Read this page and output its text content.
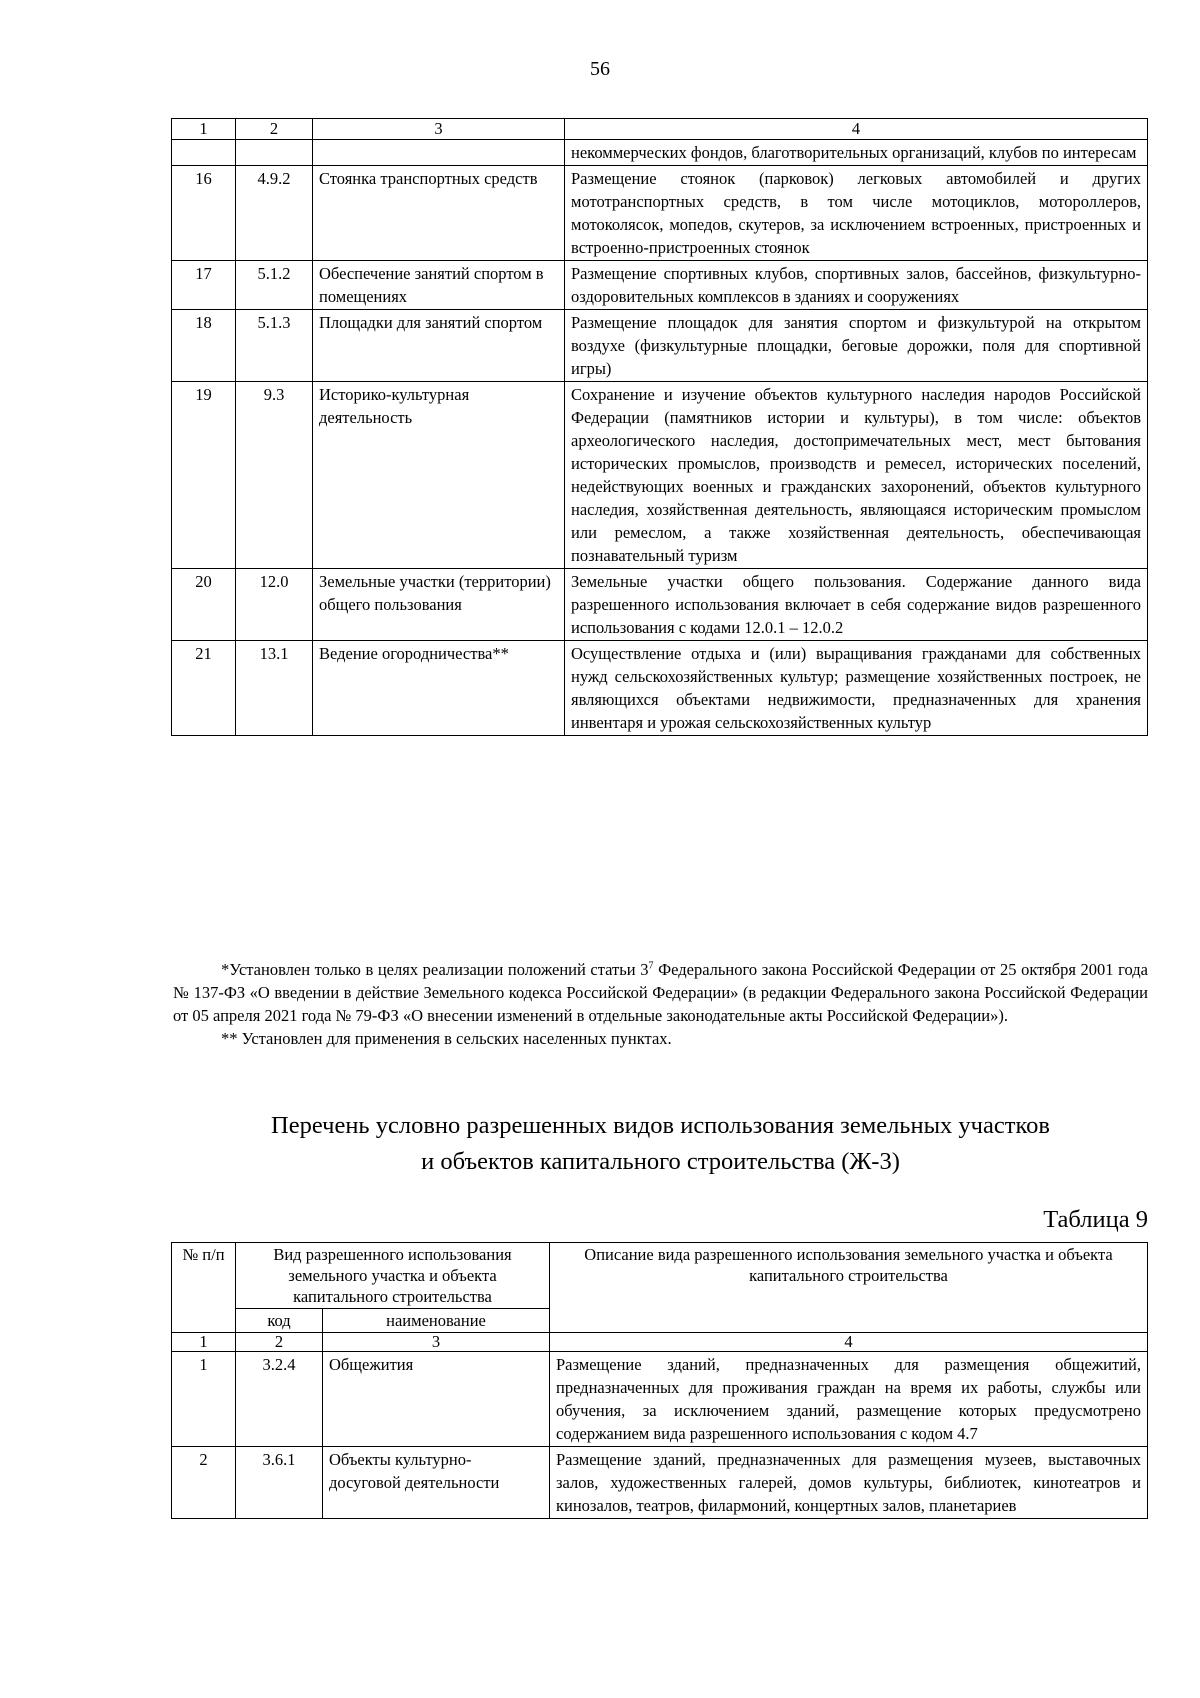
56
1	2	3	4
			некоммерческих фондов, благотворительных организаций, клубов по интересам
16	4.9.2	Стоянка транспортных средств	Размещение стоянок (парковок) легковых автомобилей и других мототранспортных средств, в том числе мотоциклов, мотороллеров, мотоколясок, мопедов, скутеров, за исключением встроенных, пристроенных и встроенно-пристроенных стоянок
17	5.1.2	Обеспечение занятий спортом в помещениях	Размещение спортивных клубов, спортивных залов, бассейнов, физкультурно-оздоровительных комплексов в зданиях и сооружениях
18	5.1.3	Площадки для занятий спортом	Размещение площадок для занятия спортом и физкультурой на открытом воздухе (физкультурные площадки, беговые дорожки, поля для спортивной игры)
19	9.3	Историко-культурная деятельность	Сохранение и изучение объектов культурного наследия народов Российской Федерации (памятников истории и культуры), в том числе: объектов археологического наследия, достопримечательных мест, мест бытования исторических промыслов, производств и ремесел, исторических поселений, недействующих военных и гражданских захоронений, объектов культурного наследия, хозяйственная деятельность, являющаяся историческим промыслом или ремеслом, а также хозяйственная деятельность, обеспечивающая познавательный туризм
20	12.0	Земельные участки (территории) общего пользования	Земельные участки общего пользования. Содержание данного вида разрешенного использования включает в себя содержание видов разрешенного использования с кодами 12.0.1 – 12.0.2
21	13.1	Ведение огородничества**	Осуществление отдыха и (или) выращивания гражданами для собственных нужд сельскохозяйственных культур; размещение хозяйственных построек, не являющихся объектами недвижимости, предназначенных для хранения инвентаря и урожая сельскохозяйственных культур

*Установлен только в целях реализации положений статьи $3^7$ Федерального закона Российской Федерации от 25 октября 2001 года № 137-ФЗ «О введении в действие Земельного кодекса Российской Федерации» (в редакции Федерального закона Российской Федерации от 05 апреля 2021 года № 79-ФЗ «О внесении изменений в отдельные законодательные акты Российской Федерации»).

** Установлен для применения в сельских населенных пунктах.

Перечень условно разрешенных видов использования земельных участков
и объектов капитального строительства (Ж-3)
Таблица 9
№ п/п	Вид разрешенного использования земельного участка и объекта капитального строительства		Описание вида разрешенного использования земельного участка и объекта капитального строительства
	код	наименование	
1	2	3	4
1	3.2.4	Общежития	Размещение зданий, предназначенных для размещения общежитий, предназначенных для проживания граждан на время их работы, службы или обучения, за исключением зданий, размещение которых предусмотрено содержанием вида разрешенного использования с кодом 4.7
2	3.6.1	Объекты культурно-досуговой деятельности	Размещение зданий, предназначенных для размещения музеев, выставочных залов, художественных галерей, домов культуры, библиотек, кинотеатров и кинозалов, театров, филармоний, концертных залов, планетариев
